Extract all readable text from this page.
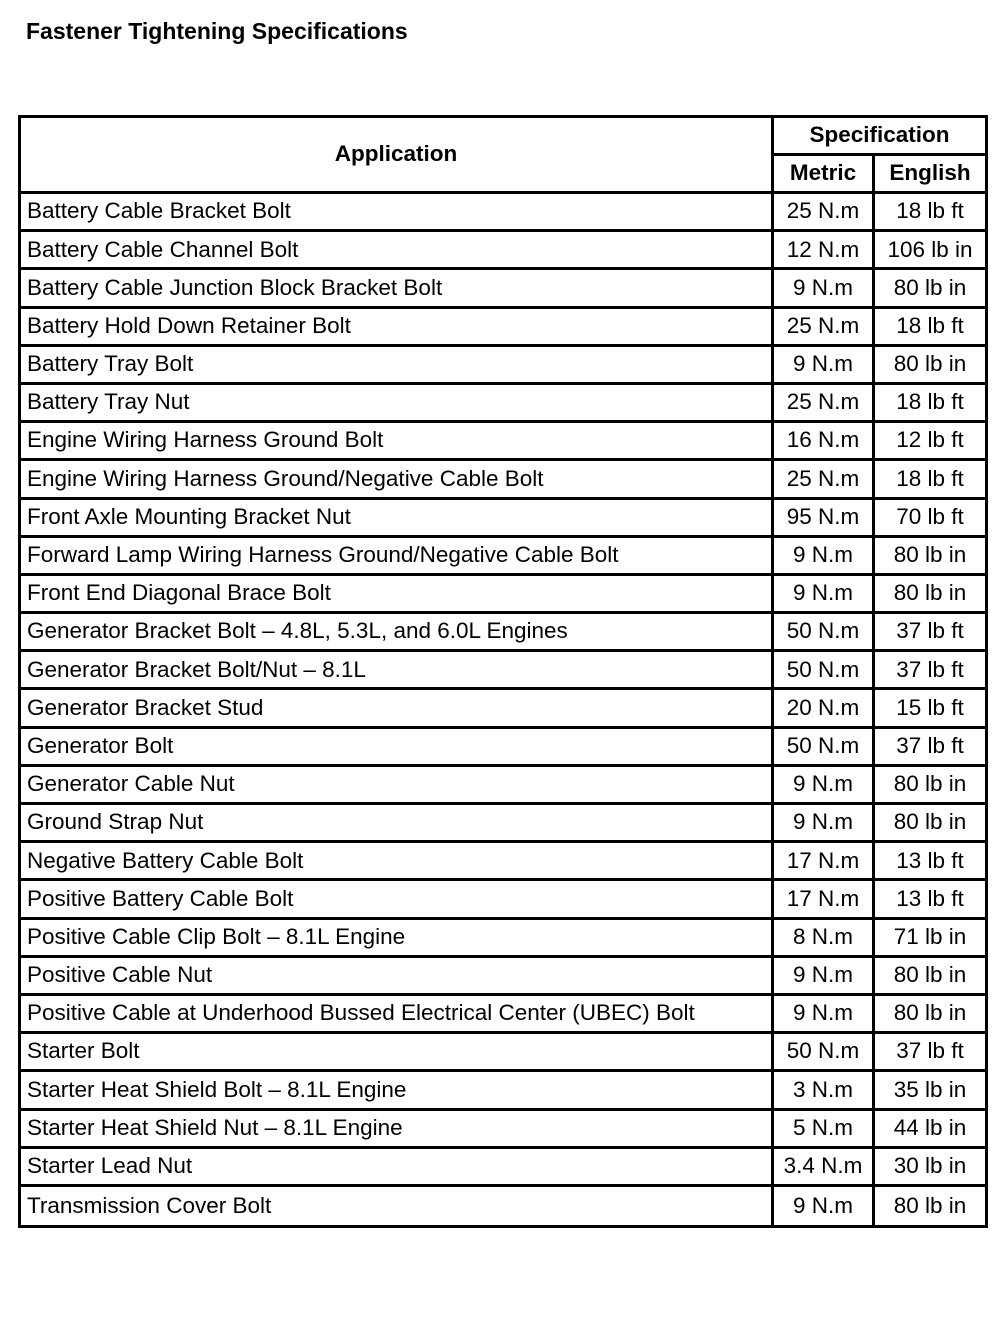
Fastener Tightening Specifications
Application	Specification	
	Metric	English
Battery Cable Bracket Bolt	25 N.m	18 lb ft
Battery Cable Channel Bolt	12 N.m	106 lb in
Battery Cable Junction Block Bracket Bolt	9 N.m	80 lb in
Battery Hold Down Retainer Bolt	25 N.m	18 lb ft
Battery Tray Bolt	9 N.m	80 lb in
Battery Tray Nut	25 N.m	18 lb ft
Engine Wiring Harness Ground Bolt	16 N.m	12 lb ft
Engine Wiring Harness Ground/Negative Cable Bolt	25 N.m	18 lb ft
Front Axle Mounting Bracket Nut	95 N.m	70 lb ft
Forward Lamp Wiring Harness Ground/Negative Cable Bolt	9 N.m	80 lb in
Front End Diagonal Brace Bolt	9 N.m	80 lb in
Generator Bracket Bolt – 4.8L, 5.3L, and 6.0L Engines	50 N.m	37 lb ft
Generator Bracket Bolt/Nut – 8.1L	50 N.m	37 lb ft
Generator Bracket Stud	20 N.m	15 lb ft
Generator Bolt	50 N.m	37 lb ft
Generator Cable Nut	9 N.m	80 lb in
Ground Strap Nut	9 N.m	80 lb in
Negative Battery Cable Bolt	17 N.m	13 lb ft
Positive Battery Cable Bolt	17 N.m	13 lb ft
Positive Cable Clip Bolt – 8.1L Engine	8 N.m	71 lb in
Positive Cable Nut	9 N.m	80 lb in
Positive Cable at Underhood Bussed Electrical Center (UBEC) Bolt	9 N.m	80 lb in
Starter Bolt	50 N.m	37 lb ft
Starter Heat Shield Bolt – 8.1L Engine	3 N.m	35 lb in
Starter Heat Shield Nut – 8.1L Engine	5 N.m	44 lb in
Starter Lead Nut	3.4 N.m	30 lb in
Transmission Cover Bolt	9 N.m	80 lb in
